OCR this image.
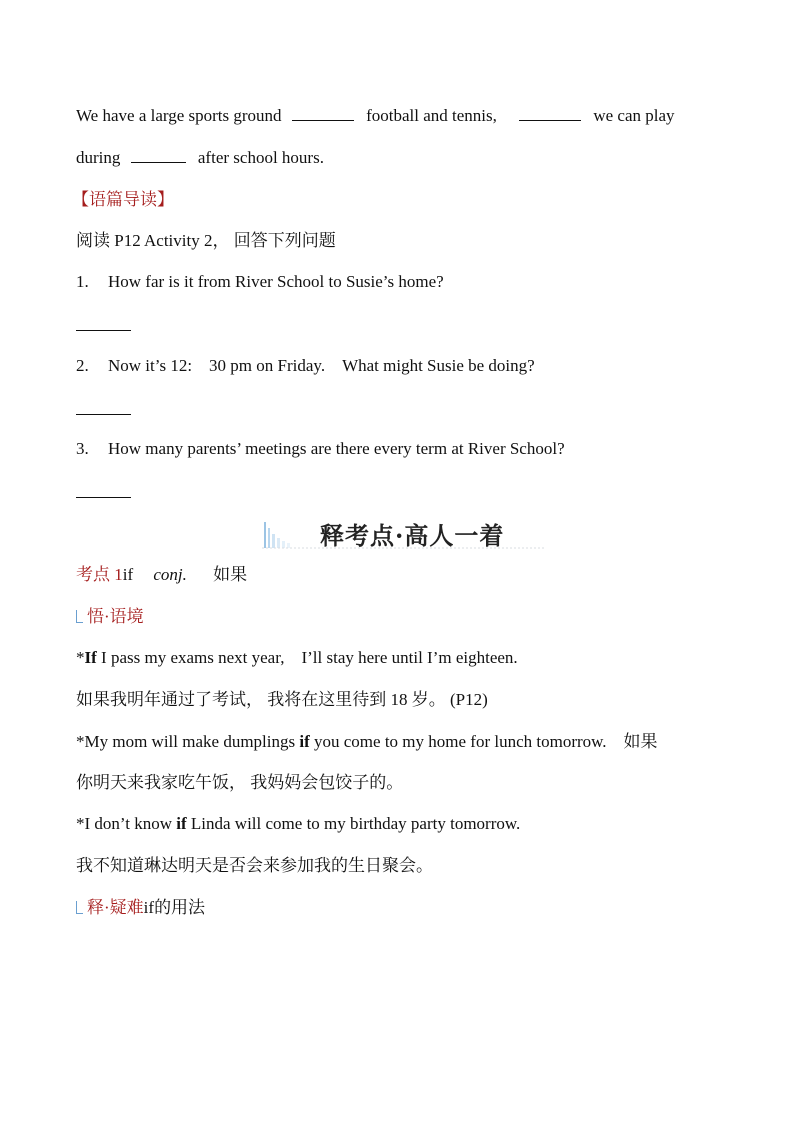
We have a large sports ground	football and tennis,	we can play
during	after school hours.
【语篇导读】
阅读 P12 Activity 2， 回答下列问题
1. How far is it from River School to Susie’s home?
2. Now it’s 12:　30 pm on Friday.　What might Susie be doing?
3. How many parents’ meetings are there every term at River School?
释考点·高人一着
考点 1if conj. 如果
悟·语境
*If I pass my exams next year,　I’ll stay here until I’m eighteen.
如果我明年通过了考试， 我将在这里待到 18 岁。 (P12)
*My mom will make dumplings if you come to my home for lunch tomorrow.　如果
你明天来我家吃午饭， 我妈妈会包饺子的。
*I don’t know if Linda will come to my birthday party tomorrow.
我不知道琳达明天是否会来参加我的生日聚会。
释·疑难if的用法
